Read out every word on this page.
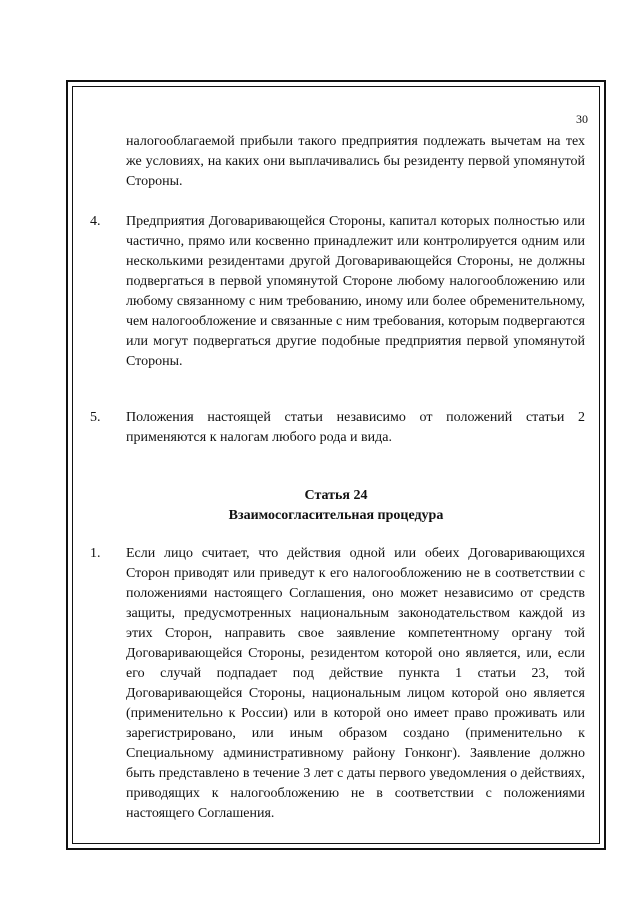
30
налогооблагаемой прибыли такого предприятия подлежать вычетам на тех же условиях, на каких они выплачивались бы резиденту первой упомянутой Стороны.
4. Предприятия Договаривающейся Стороны, капитал которых полностью или частично, прямо или косвенно принадлежит или контролируется одним или несколькими резидентами другой Договаривающейся Стороны, не должны подвергаться в первой упомянутой Стороне любому налогообложению или любому связанному с ним требованию, иному или более обременительному, чем налогообложение и связанные с ним требования, которым подвергаются или могут подвергаться другие подобные предприятия первой упомянутой Стороны.
5. Положения настоящей статьи независимо от положений статьи 2 применяются к налогам любого рода и вида.
Статья 24
Взаимосогласительная процедура
1. Если лицо считает, что действия одной или обеих Договаривающихся Сторон приводят или приведут к его налогообложению не в соответствии с положениями настоящего Соглашения, оно может независимо от средств защиты, предусмотренных национальным законодательством каждой из этих Сторон, направить свое заявление компетентному органу той Договаривающейся Стороны, резидентом которой оно является, или, если его случай подпадает под действие пункта 1 статьи 23, той Договаривающейся Стороны, национальным лицом которой оно является (применительно к России) или в которой оно имеет право проживать или зарегистрировано, или иным образом создано (применительно к Специальному административному району Гонконг). Заявление должно быть представлено в течение 3 лет с даты первого уведомления о действиях, приводящих к налогообложению не в соответствии с положениями настоящего Соглашения.
